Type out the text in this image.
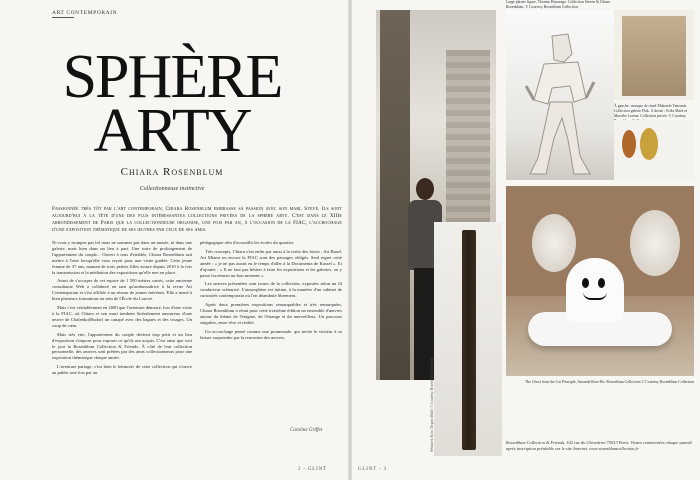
ART CONTEMPORAIN
SPHÈRE
ARTY
Chiara Rosenblum
Collectionneuse instinctive
Passionnée très tôt par l'art contemporain, Chiara Rosenblum embrasse sa passion avec son mari, Steve. Ils sont aujourd'hui à la tête d'une des plus intéressantes collections privées de la sphère arty. C'est dans le XIIIe arrondissement de Paris que la collectionneuse organise, une fois par an, à l'occasion de la FIAC, l'accrochage d'une exposition thématique de ses œuvres par ceux de ses amis.

Ni vous y trompez pas lol nous ne sommes pas dans un musée, ni dans une galerie, mais bien dans un lieu à part. Une sorte de prolongement de l'appartement du couple... Ouvert à tous d'emblée, Chiara Rosenblum sait mettre à l'aise lorsqu'elle vous reçoit pour une visite guidée. Cette jeune femme de 37 ans, maman de trois petites filles assure depuis 2010 à la fois la transmission et la médiation des expositions qu'elle met en place.

Avant de s'occuper de cet espace de 1 500 mètres carrés, cette ancienne consultante Web a collaboré en tant qu'ambassadrice à la revue Art Contemporain et s'est affiliée à un réseau de jeunes mécènes. Elle a mené à bien plusieurs formations au sein de l'École du Louvre.

Mais c'est véritablement en 2000 que l'aventure démarre, lors d'une visite à la FIAC, où Chiara et son mari tombent littéralement amoureux d'une œuvre de Chalenko(Rudor) un canapé avec des bagues et des visages. Un coup de cœur.

Mais très vite, l'appartement du couple devient trop petit et un lieu d'exposition s'impose pour exposer ce qu'ils ont acquis. C'est ainsi que voit le jour la Rosenblum Collection & Friends. À côté de leur collection personnelle, des œuvres sont prêtées par des amis collectionneurs pour une exposition thématique chaque année.

L'aventure partage, c'est bien le leitmotiv de cette collection qui s'ouvre au public une fois par an.

pédagogique afin d'accueillir les écoles du quartier.

Très concepts, Chiara s'est enfin par aussi à la visite des foires : Art Basel, Art Miami ou encore la FIAC sont des passages obligés. Seul regret cette année : « je ne pas aurait eu le temps d'aller à la Documenta de Kassel ». Et d'ajouter : « Il ne faut pas hésiter à faire les expositions et les galeries, on y passe forcément un bon moment ».

Les œuvres présentées sont issues de la collection, exposées selon un fil conducteur scénarisé. L'atmosphère est intime, à la manière d'un cabinet de curiosités contemporain où l'on déambule librement.

Après deux premières expositions remarquables et très remarquées, Chiara Rosenblum a réuni pour cette troisième édition un ensemble d'œuvres autour du thème de l'énigme, de l'étrange et du merveilleux. Un parcours singulier, entre rêve et réalité.

Un accrochage pensé comme une promenade, qui invite le visiteur à se laisser surprendre par la rencontre des œuvres.

Caroline Griffet
2 - GLINT
Large plaster figure, Thomas Houseago. Collection Steven & Chiara Rosenblum. © Courtesy Rosenblum Collection
À gauche : masque de rituel Makonde Tanzanie. Collection galerie Flak. À droite : Eriks Mark et Mareike Lorenz. Collection privée. © Courtesy
Sébastien Kyle, Dogon (Mali) © Courtesy Rosenblum Collection	The Ghost from the Cat Principle, Amanda Ross-Ho. Rosenblum Collection © Courtesy Rosenblum Collection
Rosenblum Collection & Friends, 102 rue du Chevaleret 75013 Paris. Visites commentées chaque samedi après inscription préalable sur le site Internet. www.rosenblumcollection.fr
GLINT - 3
